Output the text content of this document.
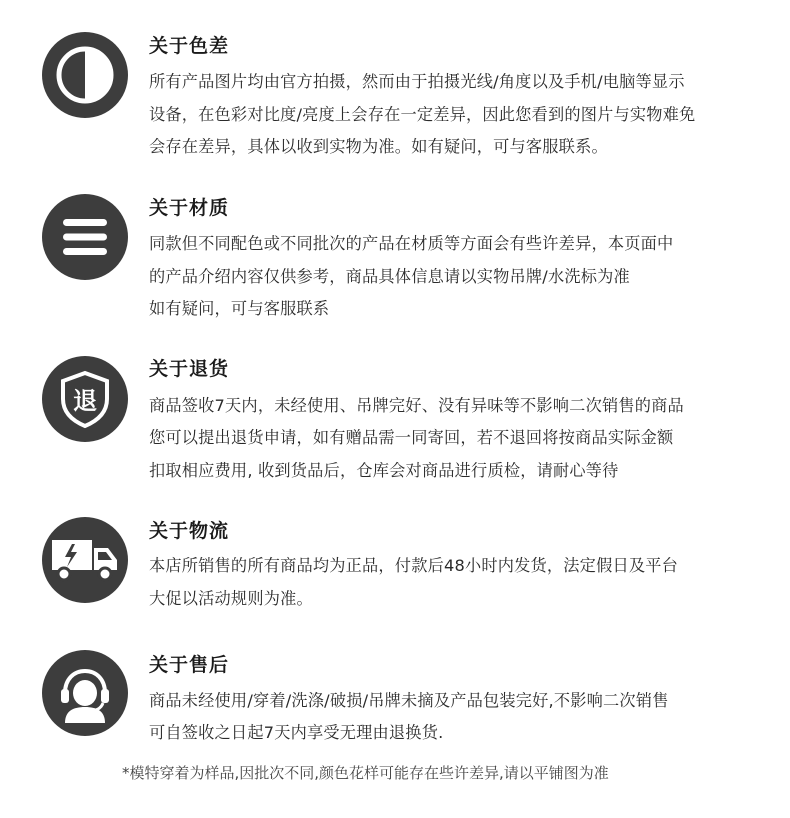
关于色差
所有产品图片均由官方拍摄，然而由于拍摄光线/角度以及手机/电脑等显示
设备，在色彩对比度/亮度上会存在一定差异，因此您看到的图片与实物难免
会存在差异，具体以收到实物为准。如有疑问，可与客服联系。
关于材质
同款但不同配色或不同批次的产品在材质等方面会有些许差异，本页面中
的产品介绍内容仅供参考，商品具体信息请以实物吊牌/水洗标为准
如有疑问，可与客服联系
退
关于退货
商品签收7天内，未经使用、吊牌完好、没有异味等不影响二次销售的商品
您可以提出退货申请，如有赠品需一同寄回，若不退回将按商品实际金额
扣取相应费用, 收到货品后，仓库会对商品进行质检，请耐心等待
关于物流
本店所销售的所有商品均为正品，付款后48小时内发货，法定假日及平台
大促以活动规则为准。
关于售后
商品未经使用/穿着/洗涤/破损/吊牌未摘及产品包装完好,不影响二次销售
可自签收之日起7天内享受无理由退换货.
*模特穿着为样品,因批次不同,颜色花样可能存在些许差异,请以平铺图为准
